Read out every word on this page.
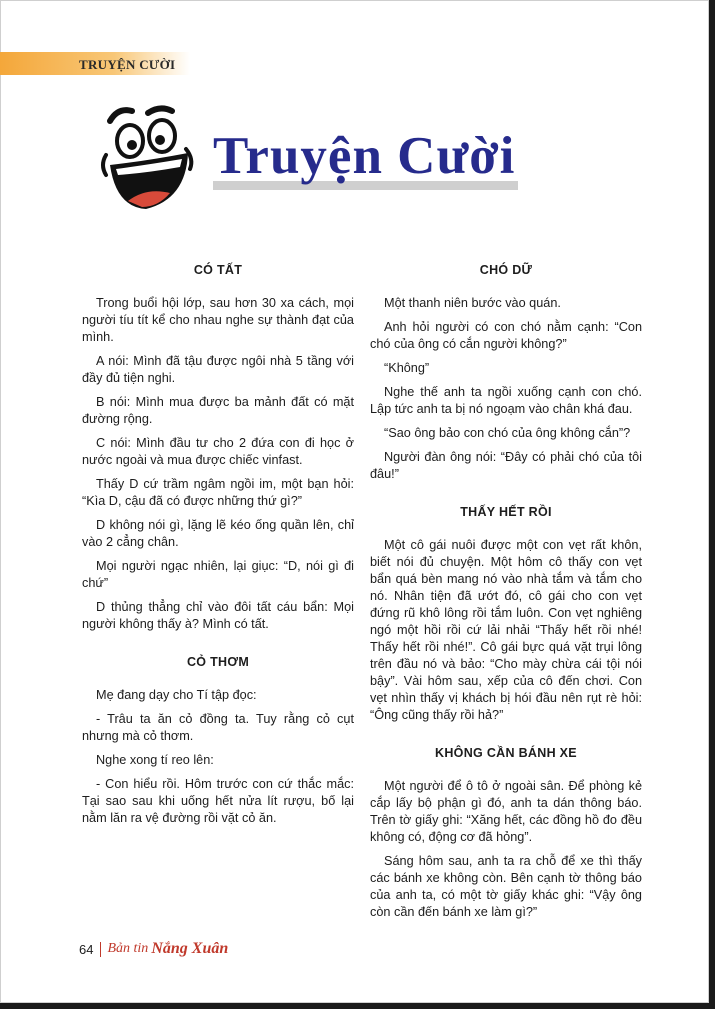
TRUYỆN CƯỜI
Truyện Cười
CÓ TẤT

Trong buổi hội lớp, sau hơn 30 xa cách, mọi người tíu tít kể cho nhau nghe sự thành đạt của mình.

A nói: Mình đã tậu được ngôi nhà 5 tầng với đầy đủ tiện nghi.

B nói: Mình mua được ba mảnh đất có mặt đường rộng.

C nói: Mình đầu tư cho 2 đứa con đi học ở nước ngoài và mua được chiếc vinfast.

Thấy D cứ trầm ngâm ngồi im, một bạn hỏi: “Kìa D, cậu đã có được những thứ gì?”

D không nói gì, lặng lẽ kéo ống quần lên, chỉ vào 2 cẳng chân.

Mọi người ngạc nhiên, lại giục: “D, nói gì đi chứ”

D thủng thẳng chỉ vào đôi tất cáu bẩn: Mọi người không thấy à? Mình có tất.

CỎ THƠM

Mẹ đang dạy cho Tí tập đọc:

- Trâu ta ăn cỏ đồng ta. Tuy rằng cỏ cụt nhưng mà cỏ thơm.

Nghe xong tí reo lên:

- Con hiểu rồi. Hôm trước con cứ thắc mắc: Tại sao sau khi uống hết nửa lít rượu, bố lại nằm lăn ra vệ đường rồi vặt cỏ ăn.

CHÓ DỮ

Một thanh niên bước vào quán.

Anh hỏi người có con chó nằm cạnh: “Con chó của ông có cắn người không?”

“Không”

Nghe thế anh ta ngồi xuống cạnh con chó. Lập tức anh ta bị nó ngoạm vào chân khá đau.

“Sao ông bảo con chó của ông không cắn”?

Người đàn ông nói: “Đây có phải chó của tôi đâu!”

THẤY HẾT RỒI

Một cô gái nuôi được một con vẹt rất khôn, biết nói đủ chuyện. Một hôm cô thấy con vẹt bẩn quá bèn mang nó vào nhà tắm và tắm cho nó. Nhân tiện đã ướt đó, cô gái cho con vẹt đứng rũ khô lông rồi tắm luôn. Con vẹt nghiêng ngó một hồi rồi cứ lải nhải “Thấy hết rồi nhé! Thấy hết rồi nhé!”. Cô gái bực quá vặt trụi lông trên đầu nó và bảo: “Cho mày chừa cái tội nói bậy”. Vài hôm sau, xếp của cô đến chơi. Con vẹt nhìn thấy vị khách bị hói đầu nên rụt rè hỏi: “Ông cũng thấy rồi hả?”

KHÔNG CẦN BÁNH XE

Một người để ô tô ở ngoài sân. Để phòng kẻ cắp lấy bộ phận gì đó, anh ta dán thông báo. Trên tờ giấy ghi: “Xăng hết, các đồng hồ đo đều không có, động cơ đã hỏng”.

Sáng hôm sau, anh ta ra chỗ để xe thì thấy các bánh xe không còn. Bên cạnh tờ thông báo của anh ta, có một tờ giấy khác ghi: “Vậy ông còn cần đến bánh xe làm gì?”

64 Bản tin Nắng Xuân
